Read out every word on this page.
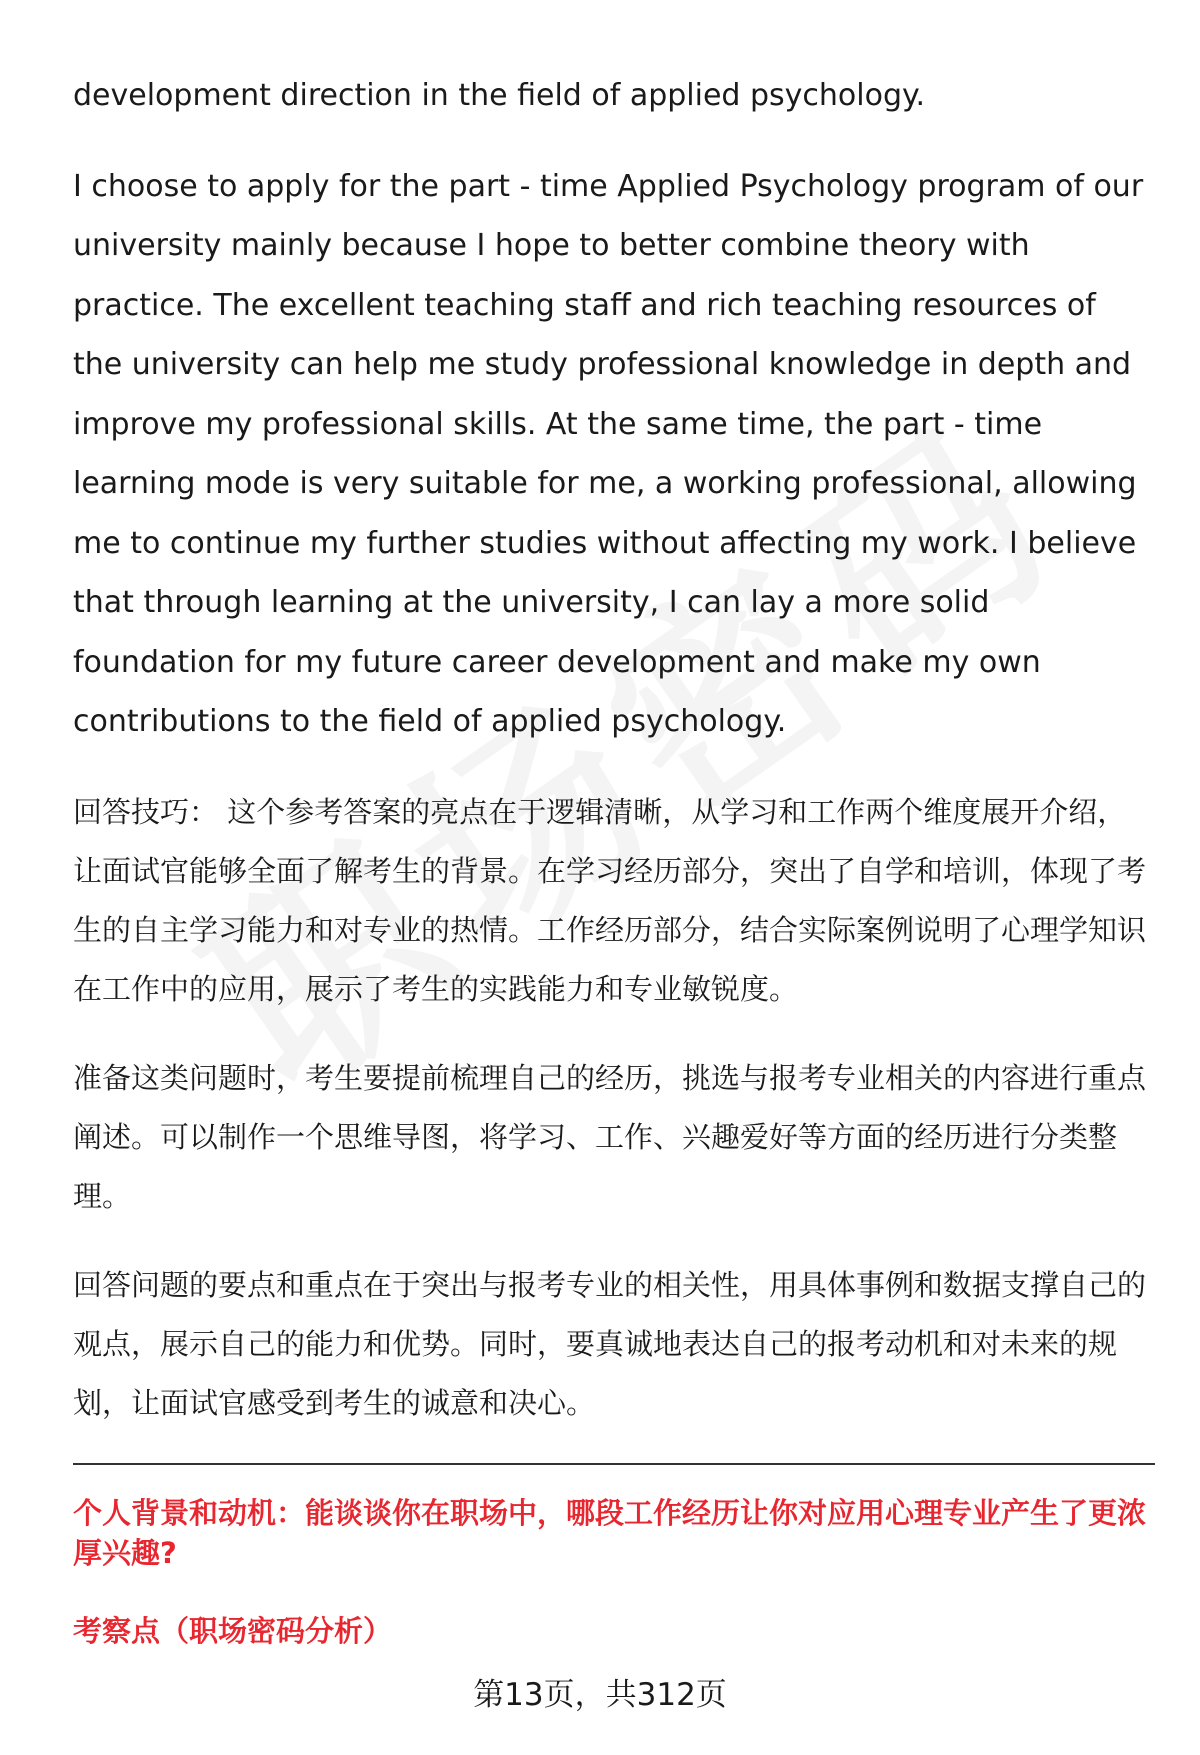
development direction in the field of applied psychology.

I choose to apply for the part - time Applied Psychology program of our university mainly because I hope to better combine theory with practice. The excellent teaching staff and rich teaching resources of the university can help me study professional knowledge in depth and improve my professional skills. At the same time, the part - time learning mode is very suitable for me, a working professional, allowing me to continue my further studies without affecting my work. I believe that through learning at the university, I can lay a more solid foundation for my future career development and make my own contributions to the field of applied psychology.

回答技巧： 这个参考答案的亮点在于逻辑清晰，从学习和工作两个维度展开介绍，让面试官能够全面了解考生的背景。在学习经历部分，突出了自学和培训，体现了考生的自主学习能力和对专业的热情。工作经历部分，结合实际案例说明了心理学知识在工作中的应用，展示了考生的实践能力和专业敏锐度。

准备这类问题时，考生要提前梳理自己的经历，挑选与报考专业相关的内容进行重点阐述。可以制作一个思维导图，将学习、工作、兴趣爱好等方面的经历进行分类整理。

回答问题的要点和重点在于突出与报考专业的相关性，用具体事例和数据支撑自己的观点，展示自己的能力和优势。同时，要真诚地表达自己的报考动机和对未来的规划，让面试官感受到考生的诚意和决心。

个人背景和动机：能谈谈你在职场中，哪段工作经历让你对应用心理专业产生了更浓厚兴趣?

考察点（职场密码分析）

第13页，共312页
